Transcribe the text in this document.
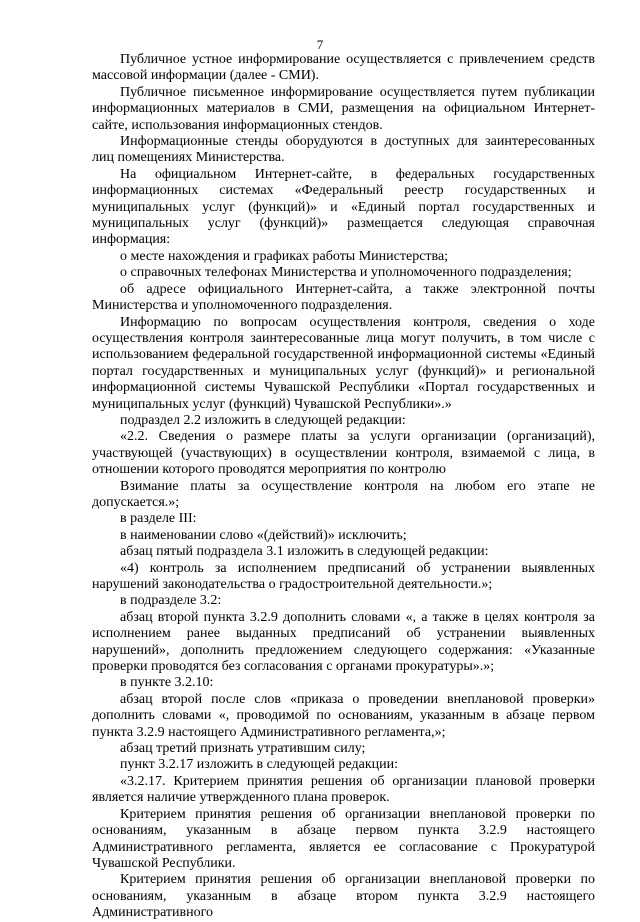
7

Публичное устное информирование осуществляется с привлечением средств массовой информации (далее - СМИ).

Публичное письменное информирование осуществляется путем публикации информационных материалов в СМИ, размещения на официальном Интернет-сайте, использования информационных стендов.

Информационные стенды оборудуются в доступных для заинтересованных лиц помещениях Министерства.

На официальном Интернет-сайте, в федеральных государственных информационных системах «Федеральный реестр государственных и муниципальных услуг (функций)» и «Единый портал государственных и муниципальных услуг (функций)» размещается следующая справочная информация:

о месте нахождения и графиках работы Министерства;

о справочных телефонах Министерства и уполномоченного подразделения;

об адресе официального Интернет-сайта, а также электронной почты Министерства и уполномоченного подразделения.

Информацию по вопросам осуществления контроля, сведения о ходе осуществления контроля заинтересованные лица могут получить, в том числе с использованием федеральной государственной информационной системы «Единый портал государственных и муниципальных услуг (функций)» и региональной информационной системы Чувашской Республики «Портал государственных и муниципальных услуг (функций) Чувашской Республики».»

подраздел 2.2 изложить в следующей редакции:

«2.2. Сведения о размере платы за услуги организации (организаций), участвующей (участвующих) в осуществлении контроля, взимаемой с лица, в отношении которого проводятся мероприятия по контролю

Взимание платы за осуществление контроля на любом его этапе не допускается.»;

в разделе III:

в наименовании слово «(действий)» исключить;

абзац пятый подраздела 3.1 изложить в следующей редакции:

«4) контроль за исполнением предписаний об устранении выявленных нарушений законодательства о градостроительной деятельности.»;

в подразделе 3.2:

абзац второй пункта 3.2.9 дополнить словами «, а также в целях контроля за исполнением ранее выданных предписаний об устранении выявленных нарушений», дополнить предложением следующего содержания: «Указанные проверки проводятся без согласования с органами прокуратуры».»;

в пункте 3.2.10:

абзац второй после слов «приказа о проведении внеплановой проверки» дополнить словами «, проводимой по основаниям, указанным в абзаце первом пункта 3.2.9 настоящего Административного регламента,»;

абзац третий признать утратившим силу;

пункт 3.2.17 изложить в следующей редакции:

«3.2.17. Критерием принятия решения об организации плановой проверки является наличие утвержденного плана проверок.

Критерием принятия решения об организации внеплановой проверки по основаниям, указанным в абзаце первом пункта 3.2.9 настоящего Административного регламента, является ее согласование с Прокуратурой Чувашской Республики.

Критерием принятия решения об организации внеплановой проверки по основаниям, указанным в абзаце втором пункта 3.2.9 настоящего Административного
